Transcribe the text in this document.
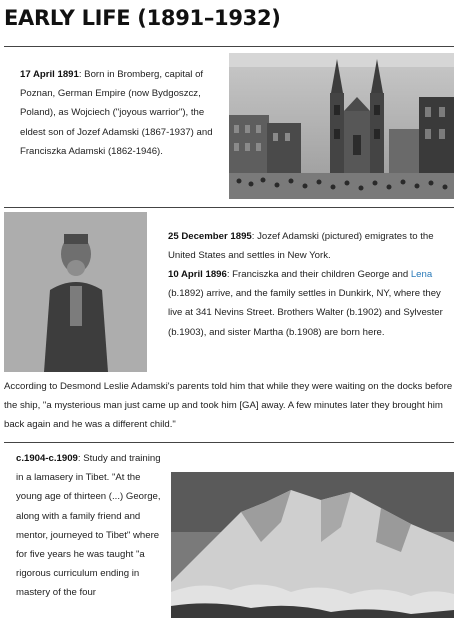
EARLY LIFE (1891–1932)
17 April 1891: Born in Bromberg, capital of Poznan, German Empire (now Bydgoszcz, Poland), as Wojciech ("joyous warrior"), the eldest son of Jozef Adamski (1867-1937) and Franciszka Adamski (1862-1946).
25 December 1895: Jozef Adamski (pictured) emigrates to the United States and settles in New York.
10 April 1896: Franciszka and their children George and Lena (b.1892) arrive, and the family settles in Dunkirk, NY, where they live at 341 Nevins Street. Brothers Walter (b.1902) and Sylvester (b.1903), and sister Martha (b.1908) are born here.
According to Desmond Leslie Adamski's parents told him that while they were waiting on the docks before the ship, "a mysterious man just came up and took him [GA] away. A few minutes later they brought him back again and he was a different child."
c.1904-c.1909: Study and training in a lamasery in Tibet. "At the young age of thirteen (...) George, along with a family friend and mentor, journeyed to Tibet" where for five years he was taught "a rigorous curriculum ending in mastery of the four
